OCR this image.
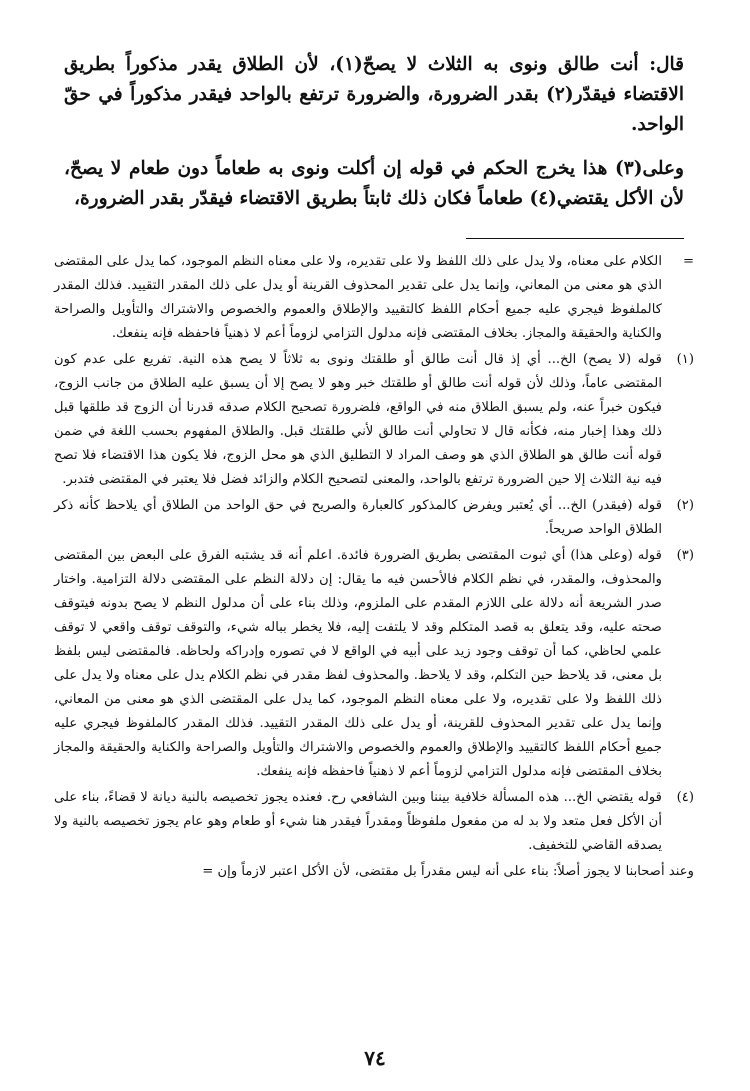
قال: أنت طالق ونوى به الثلاث لا يصحّ(١)، لأن الطلاق يقدر مذكوراً بطريق الاقتضاء فيقدّر(٢) بقدر الضرورة، والضرورة ترتفع بالواحد فيقدر مذكوراً في حقّ الواحد.

وعلى(٣) هذا يخرج الحكم في قوله إن أكلت ونوى به طعاماً دون طعام لا يصحّ، لأن الأكل يقتضي(٤) طعاماً فكان ذلك ثابتاً بطريق الاقتضاء فيقدّر بقدر الضرورة،

=
الكلام على معناه، ولا يدل على ذلك اللفظ ولا على تقديره، ولا على معناه النظم الموجود، كما يدل على المقتضى الذي هو معنى من المعاني، وإنما يدل على تقدير المحذوف القرينة أو يدل على ذلك المقدر التقييد. فذلك المقدر كالملفوظ فيجري عليه جميع أحكام اللفظ كالتقييد والإطلاق والعموم والخصوص والاشتراك والتأويل والصراحة والكناية والحقيقة والمجاز. بخلاف المقتضى فإنه مدلول التزامي لزوماً أعم لا ذهنياً فاحفظه فإنه ينفعك.
(١)
قوله (لا يصح) الخ... أي إذ قال أنت طالق أو طلقتك ونوى به ثلاثاً لا يصح هذه النية. تفريع على عدم كون المقتضى عاماً، وذلك لأن قوله أنت طالق أو طلقتك خبر وهو لا يصح إلا أن يسبق عليه الطلاق من جانب الزوج، فيكون خبراً عنه، ولم يسبق الطلاق منه في الواقع، فلضرورة تصحيح الكلام صدقه قدرنا أن الزوج قد طلقها قبل ذلك وهذا إخبار منه، فكأنه قال لا تحاولي أنت طالق لأني طلقتك قبل. والطلاق المفهوم بحسب اللغة في ضمن قوله أنت طالق هو الطلاق الذي هو وصف المراد لا التطليق الذي هو محل الزوج، فلا يكون هذا الاقتضاء فلا تصح فيه نية الثلاث إلا حين الضرورة ترتفع بالواحد، والمعنى لتصحيح الكلام والزائد فضل فلا يعتبر في المقتضى فتدبر.
(٢)
قوله (فيقدر) الخ... أي يُعتبر ويفرض كالمذكور كالعبارة والصريح في حق الواحد من الطلاق أي يلاحظ كأنه ذكر الطلاق الواحد صريحاً.
(٣)
قوله (وعلى هذا) أي ثبوت المقتضى بطريق الضرورة فائدة. اعلم أنه قد يشتبه الفرق على البعض بين المقتضى والمحذوف، والمقدر، في نظم الكلام فالأحسن فيه ما يقال: إن دلالة النظم على المقتضى دلالة التزامية. واختار صدر الشريعة أنه دلالة على اللازم المقدم على الملزوم، وذلك بناء على أن مدلول النظم لا يصح بدونه فيتوقف صحته عليه، وقد يتعلق به قصد المتكلم وقد لا يلتفت إليه، فلا يخطر بباله شيء، والتوقف توقف واقعي لا توقف علمي لحاظي، كما أن توقف وجود زيد على أبيه في الواقع لا في تصوره وإدراكه ولحاظه. فالمقتضى ليس بلفظ بل معنى، قد يلاحظ حين التكلم، وقد لا يلاحظ. والمحذوف لفظ مقدر في نظم الكلام يدل على معناه ولا يدل على ذلك اللفظ ولا على تقديره، ولا على معناه النظم الموجود، كما يدل على المقتضى الذي هو معنى من المعاني، وإنما يدل على تقدير المحذوف للقرينة، أو يدل على ذلك المقدر التقييد. فذلك المقدر كالملفوظ فيجري عليه جميع أحكام اللفظ كالتقييد والإطلاق والعموم والخصوص والاشتراك والتأويل والصراحة والكناية والحقيقة والمجاز بخلاف المقتضى فإنه مدلول التزامي لزوماً أعم لا ذهنياً فاحفظه فإنه ينفعك.
(٤)
قوله يقتضي الخ... هذه المسألة خلافية بيننا وبين الشافعي رح. فعنده يجوز تخصيصه بالنية ديانة لا قضاءً، بناء على أن الأكل فعل متعد ولا بد له من مفعول ملفوظاً ومقدراً فيقدر هنا شيء أو طعام وهو عام يجوز تخصيصه بالنية ولا يصدقه القاضي للتخفيف.
وعند أصحابنا لا يجوز أصلاً: بناء على أنه ليس مقدراً بل مقتضى، لأن الأكل اعتبر لازماً وإن =
٧٤
